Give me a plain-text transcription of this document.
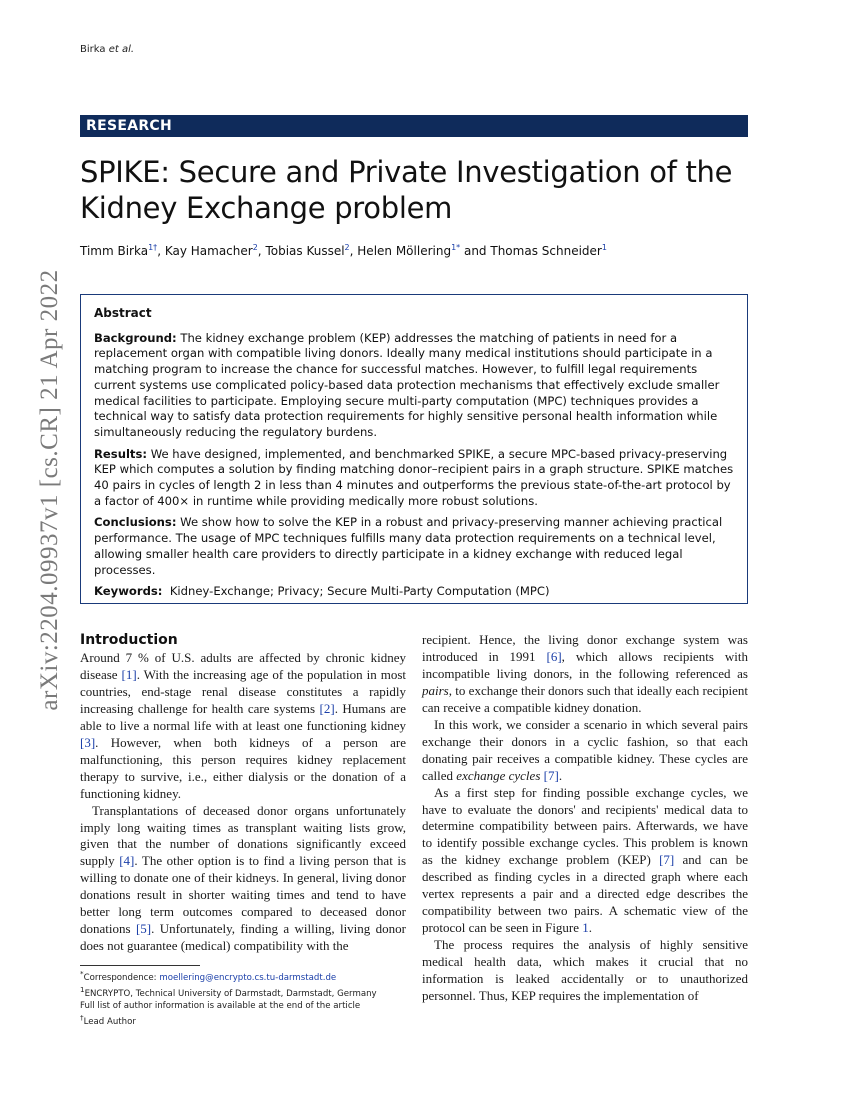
Birka et al.
arXiv:2204.09937v1 [cs.CR] 21 Apr 2022
RESEARCH
SPIKE: Secure and Private Investigation of the Kidney Exchange problem
Timm Birka$^{1\dagger}$, Kay Hamacher$^2$, Tobias Kussel$^2$, Helen Möllering$^{1*}$ and Thomas Schneider$^1$
Abstract

Background: The kidney exchange problem (KEP) addresses the matching of patients in need for a replacement organ with compatible living donors. Ideally many medical institutions should participate in a matching program to increase the chance for successful matches. However, to fulfill legal requirements current systems use complicated policy-based data protection mechanisms that effectively exclude smaller medical facilities to participate. Employing secure multi-party computation (MPC) techniques provides a technical way to satisfy data protection requirements for highly sensitive personal health information while simultaneously reducing the regulatory burdens.

Results: We have designed, implemented, and benchmarked SPIKE, a secure MPC-based privacy-preserving KEP which computes a solution by finding matching donor–recipient pairs in a graph structure. SPIKE matches 40 pairs in cycles of length 2 in less than 4 minutes and outperforms the previous state-of-the-art protocol by a factor of 400× in runtime while providing medically more robust solutions.

Conclusions: We show how to solve the KEP in a robust and privacy-preserving manner achieving practical performance. The usage of MPC techniques fulfills many data protection requirements on a technical level, allowing smaller health care providers to directly participate in a kidney exchange with reduced legal processes.

Keywords: Kidney-Exchange; Privacy; Secure Multi-Party Computation (MPC)

Introduction

Around 7 % of U.S. adults are affected by chronic kidney disease [1]. With the increasing age of the population in most countries, end-stage renal disease constitutes a rapidly increasing challenge for health care systems [2]. Humans are able to live a normal life with at least one functioning kidney [3]. However, when both kidneys of a person are malfunctioning, this person requires kidney replacement therapy to survive, i.e., either dialysis or the donation of a functioning kidney.

Transplantations of deceased donor organs unfortunately imply long waiting times as transplant waiting lists grow, given that the number of donations significantly exceed supply [4]. The other option is to find a living person that is willing to donate one of their kidneys. In general, living donor donations result in shorter waiting times and tend to have better long term outcomes compared to deceased donor donations [5]. Unfortunately, finding a willing, living donor does not guarantee (medical) compatibility with the

recipient. Hence, the living donor exchange system was introduced in 1991 [6], which allows recipients with incompatible living donors, in the following referenced as pairs, to exchange their donors such that ideally each recipient can receive a compatible kidney donation.

In this work, we consider a scenario in which several pairs exchange their donors in a cyclic fashion, so that each donating pair receives a compatible kidney. These cycles are called exchange cycles [7].

As a first step for finding possible exchange cycles, we have to evaluate the donors' and recipients' medical data to determine compatibility between pairs. Afterwards, we have to identify possible exchange cycles. This problem is known as the kidney exchange problem (KEP) [7] and can be described as finding cycles in a directed graph where each vertex represents a pair and a directed edge describes the compatibility between two pairs. A schematic view of the protocol can be seen in Figure 1.

The process requires the analysis of highly sensitive medical health data, which makes it crucial that no information is leaked accidentally or to unauthorized personnel. Thus, KEP requires the implementation of

*Correspondence: moellering@encrypto.cs.tu-darmstadt.de
$^1$ENCRYPTO, Technical University of Darmstadt, Darmstadt, Germany
Full list of author information is available at the end of the article
†Lead Author
